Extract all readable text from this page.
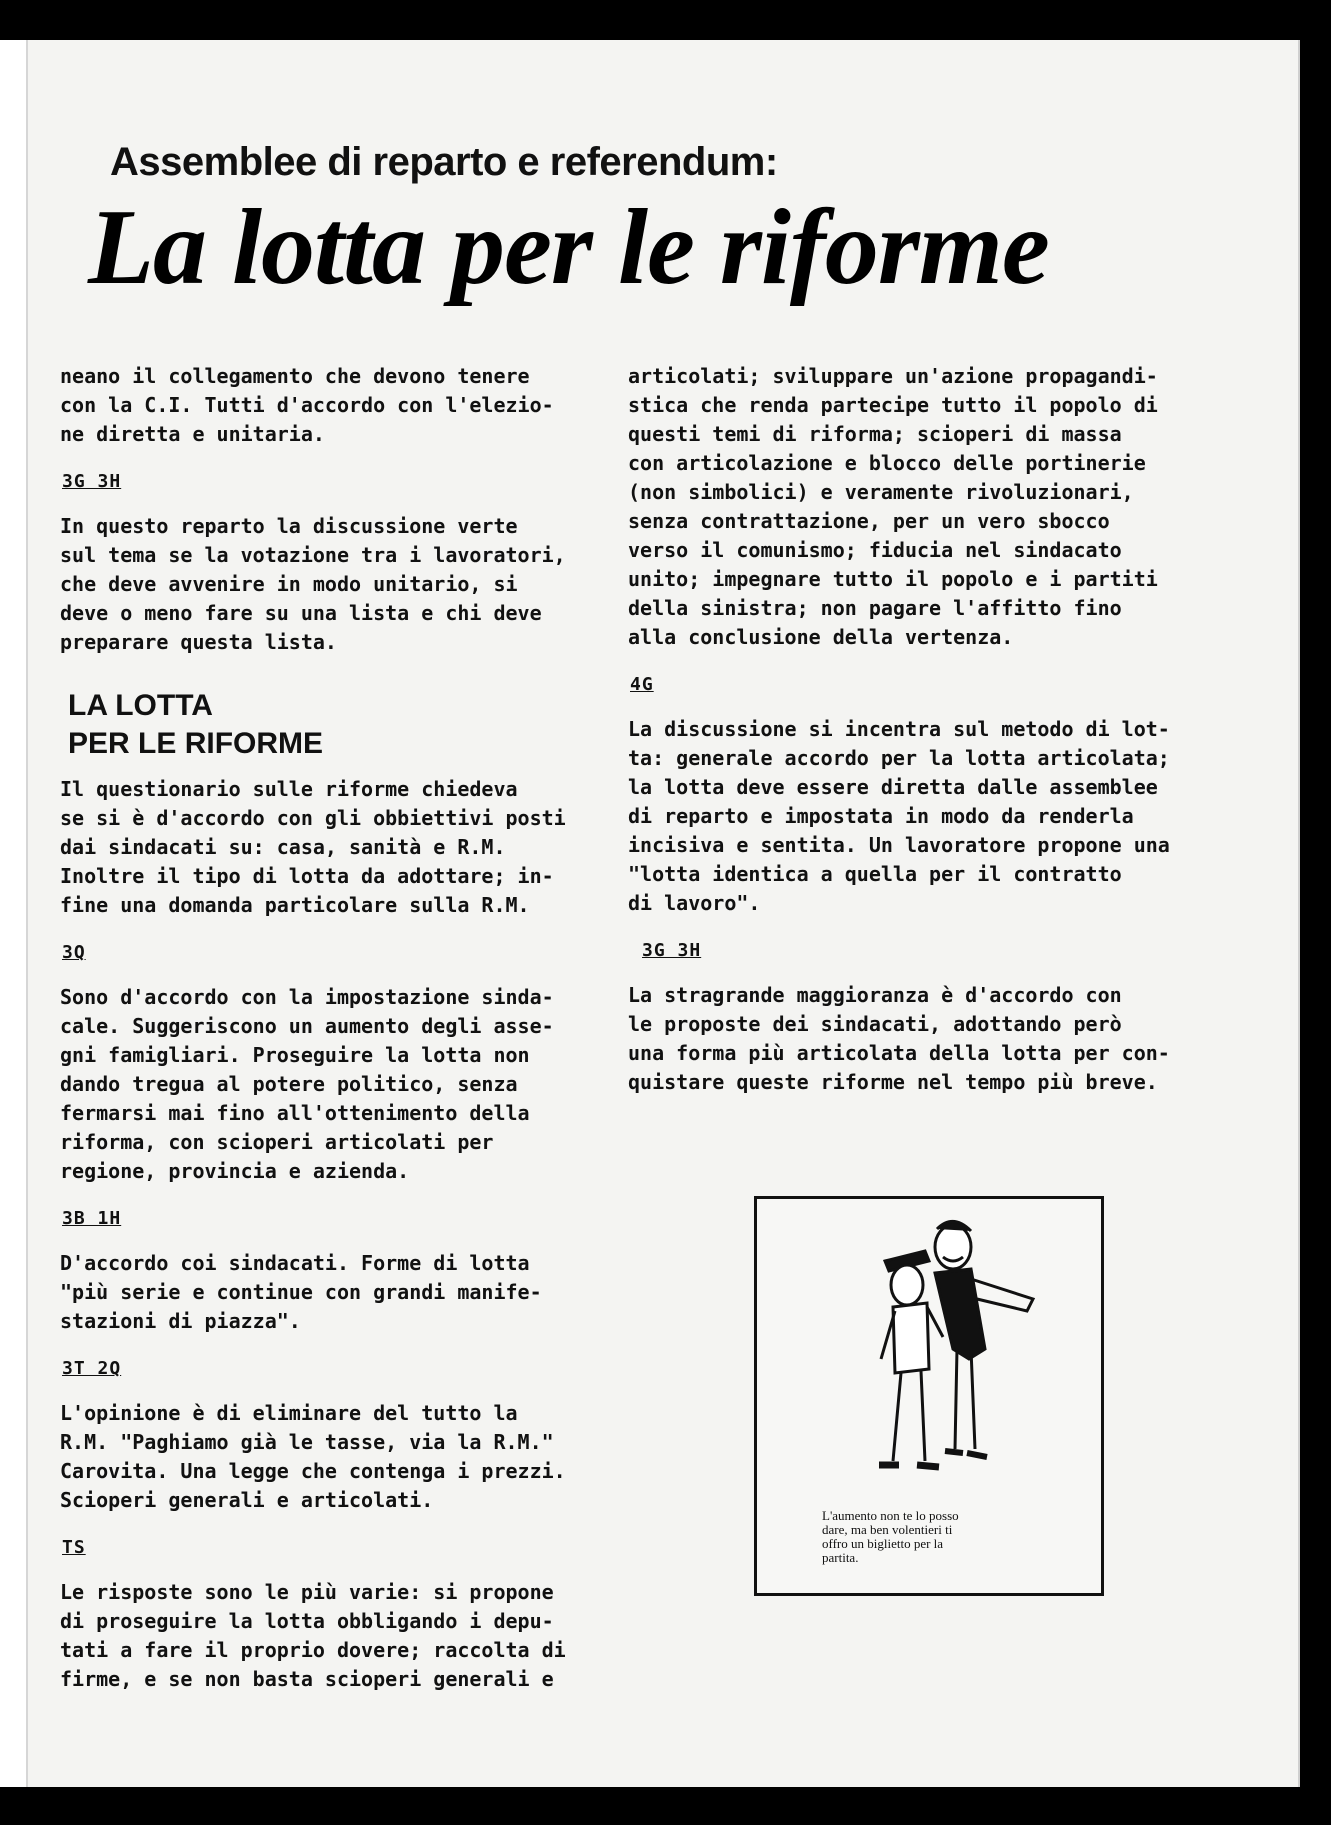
Assemblee di reparto e referendum:
La lotta per le riforme

neano il collegamento che devono tenere
con la C.I. Tutti d'accordo con l'elezio-
ne diretta e unitaria.

3G 3H

In questo reparto la discussione verte
sul tema se la votazione tra i lavoratori,
che deve avvenire in modo unitario, si
deve o meno fare su una lista e chi deve
preparare questa lista.

LA LOTTA
PER LE RIFORME

Il questionario sulle riforme chiedeva
se si è d'accordo con gli obbiettivi posti
dai sindacati su: casa, sanità e R.M.
Inoltre il tipo di lotta da adottare; in-
fine una domanda particolare sulla R.M.

3Q

Sono d'accordo con la impostazione sinda-
cale. Suggeriscono un aumento degli asse-
gni famigliari. Proseguire la lotta non
dando tregua al potere politico, senza
fermarsi mai fino all'ottenimento della
riforma, con scioperi articolati per
regione, provincia e azienda.

3B 1H

D'accordo coi sindacati. Forme di lotta
"più serie e continue con grandi manife-
stazioni di piazza".

3T 2Q

L'opinione è di eliminare del tutto la
R.M. "Paghiamo già le tasse, via la R.M."
Carovita. Una legge che contenga i prezzi.
Scioperi generali e articolati.

TS

Le risposte sono le più varie: si propone
di proseguire la lotta obbligando i depu-
tati a fare il proprio dovere; raccolta di
firme, e se non basta scioperi generali e

articolati; sviluppare un'azione propagandi-
stica che renda partecipe tutto il popolo di
questi temi di riforma; scioperi di massa
con articolazione e blocco delle portinerie
(non simbolici) e veramente rivoluzionari,
senza contrattazione, per un vero sbocco
verso il comunismo; fiducia nel sindacato
unito; impegnare tutto il popolo e i partiti
della sinistra; non pagare l'affitto fino
alla conclusione della vertenza.

4G

La discussione si incentra sul metodo di lot-
ta: generale accordo per la lotta articolata;
la lotta deve essere diretta dalle assemblee
di reparto e impostata in modo da renderla
incisiva e sentita. Un lavoratore propone una
"lotta identica a quella per il contratto
di lavoro".

3G 3H

La stragrande maggioranza è d'accordo con
le proposte dei sindacati, adottando però
una forma più articolata della lotta per con-
quistare queste riforme nel tempo più breve.

L'aumento non te lo posso
dare, ma ben volentieri ti
offro un biglietto per la
partita.
